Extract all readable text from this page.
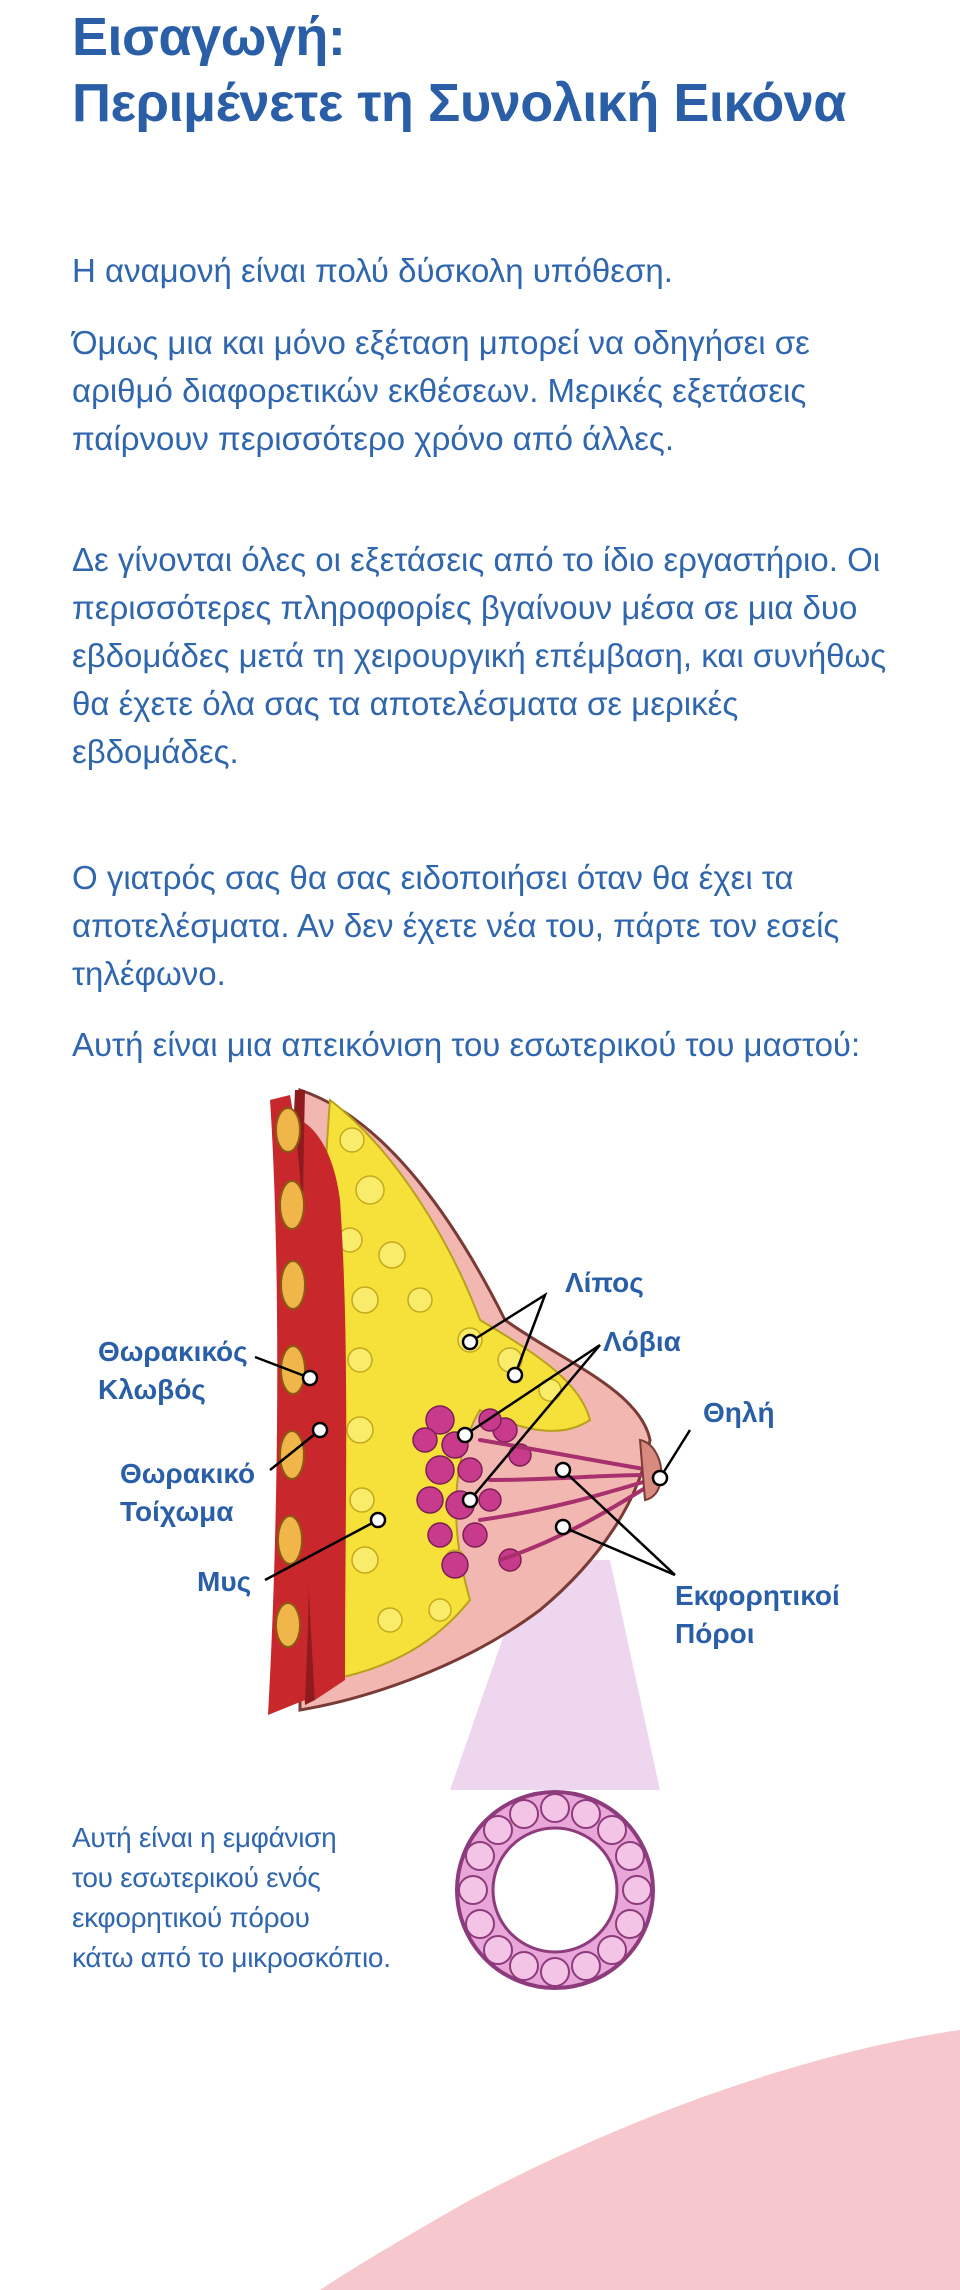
Εισαγωγή:
Περιμένετε τη Συνολική Εικόνα

Η αναμονή είναι πολύ δύσκολη υπόθεση.

Όμως μια και μόνο εξέταση μπορεί να οδηγήσει σε αριθμό διαφορετικών εκθέσεων. Μερικές εξετάσεις παίρνουν περισσότερο χρόνο από άλλες.

Δε γίνονται όλες οι εξετάσεις από το ίδιο εργαστήριο. Οι περισσότερες πληροφορίες βγαίνουν μέσα σε μια δυο εβδομάδες μετά τη χειρουργική επέμβαση, και συνήθως θα έχετε όλα σας τα αποτελέσματα σε μερικές εβδομάδες.

Ο γιατρός σας θα σας ειδοποιήσει όταν θα έχει τα αποτελέσματα. Αν δεν έχετε νέα του, πάρτε τον εσείς τηλέφωνο.

Αυτή είναι μια απεικόνιση του εσωτερικού του μαστού:

Λίπος
Λόβια
Θηλή
Θωρακικός
Κλωβός
Θωρακικό
Τοίχωμα
Μυς	Εκφορητικοί
Πόροι
Αυτή είναι η εμφάνιση
του εσωτερικού ενός
εκφορητικού πόρου
κάτω από το μικροσκόπιο.
